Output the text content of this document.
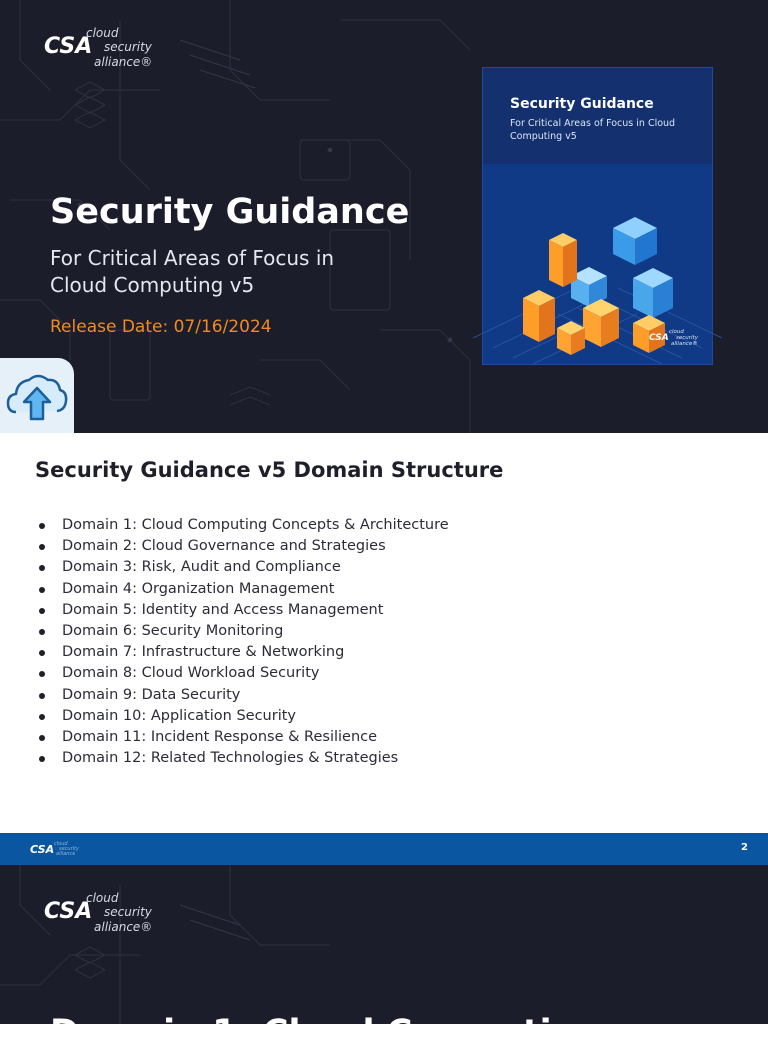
CSA
cloud
security
alliance®
Security Guidance
For Critical Areas of Focus in
Cloud Computing v5
Release Date: 07/16/2024
Security Guidance
For Critical Areas of Focus in Cloud Computing v5
CSA
cloud
security
alliance®
Security Guidance v5 Domain Structure
Domain 1: Cloud Computing Concepts & Architecture
Domain 2: Cloud Governance and Strategies
Domain 3: Risk, Audit and Compliance
Domain 4: Organization Management
Domain 5: Identity and Access Management
Domain 6: Security Monitoring
Domain 7: Infrastructure & Networking
Domain 8: Cloud Workload Security
Domain 9: Data Security
Domain 10: Application Security
Domain 11: Incident Response & Resilience
Domain 12: Related Technologies & Strategies
CSA cloud
security
alliance
2
CSA
cloud
security
alliance®
Domain 1: Cloud Computing
